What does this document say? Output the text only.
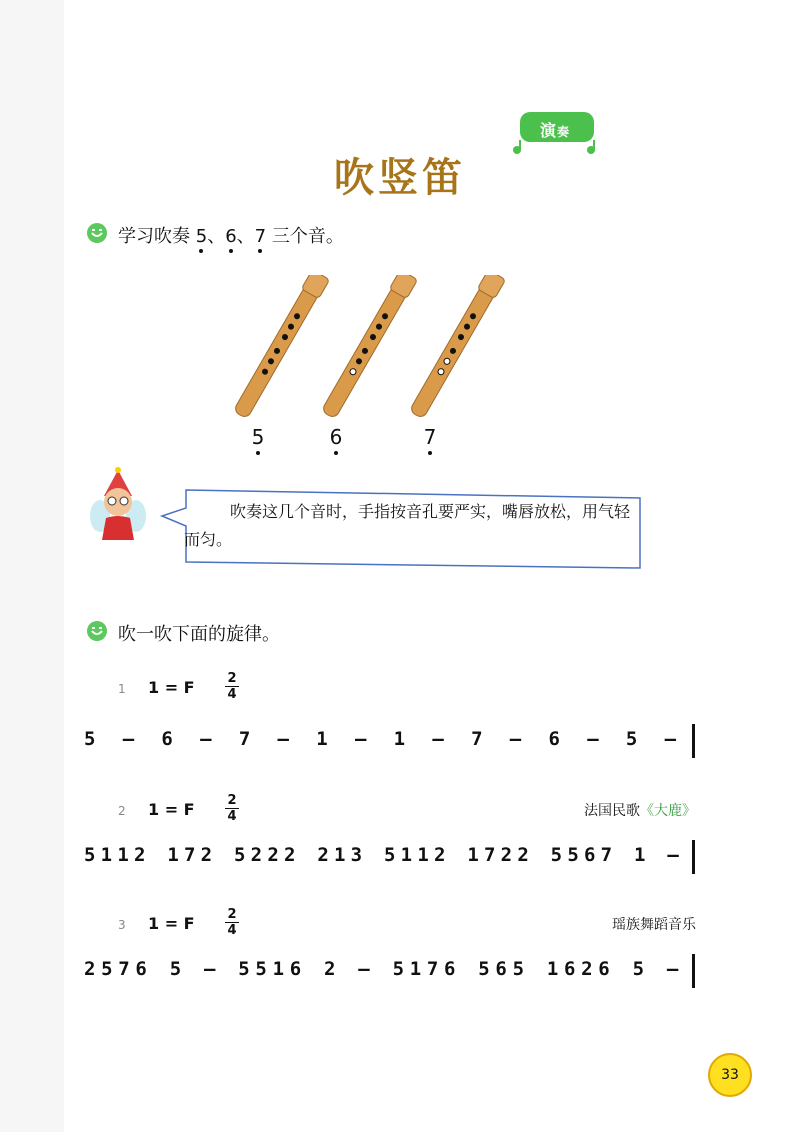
演奏
吹竖笛
学习吹奏 5
、6
、7 三个音。
5	6	7
吹奏这几个音时，手指按音孔要严实，嘴唇放松，用气轻而匀。
吹一吹下面的旋律。
1 1 = F	2
4
5 – 6 – 7 – 1 – 1 – 7 – 6 – 5 –
2 1 = F	2
4	法国民歌《大鹿》
5 1 1 2 1 7 2 5 2 2 2 2 1 3 5 1 1 2 1 7 2 2 5 5 6 7 1 –
3 1 = F	2
4	瑶族舞蹈音乐
2 5 7 6 5 – 5 5 1 6 2 – 5 1 7 6 5 6 5 1 6 2 6 5 –
33
